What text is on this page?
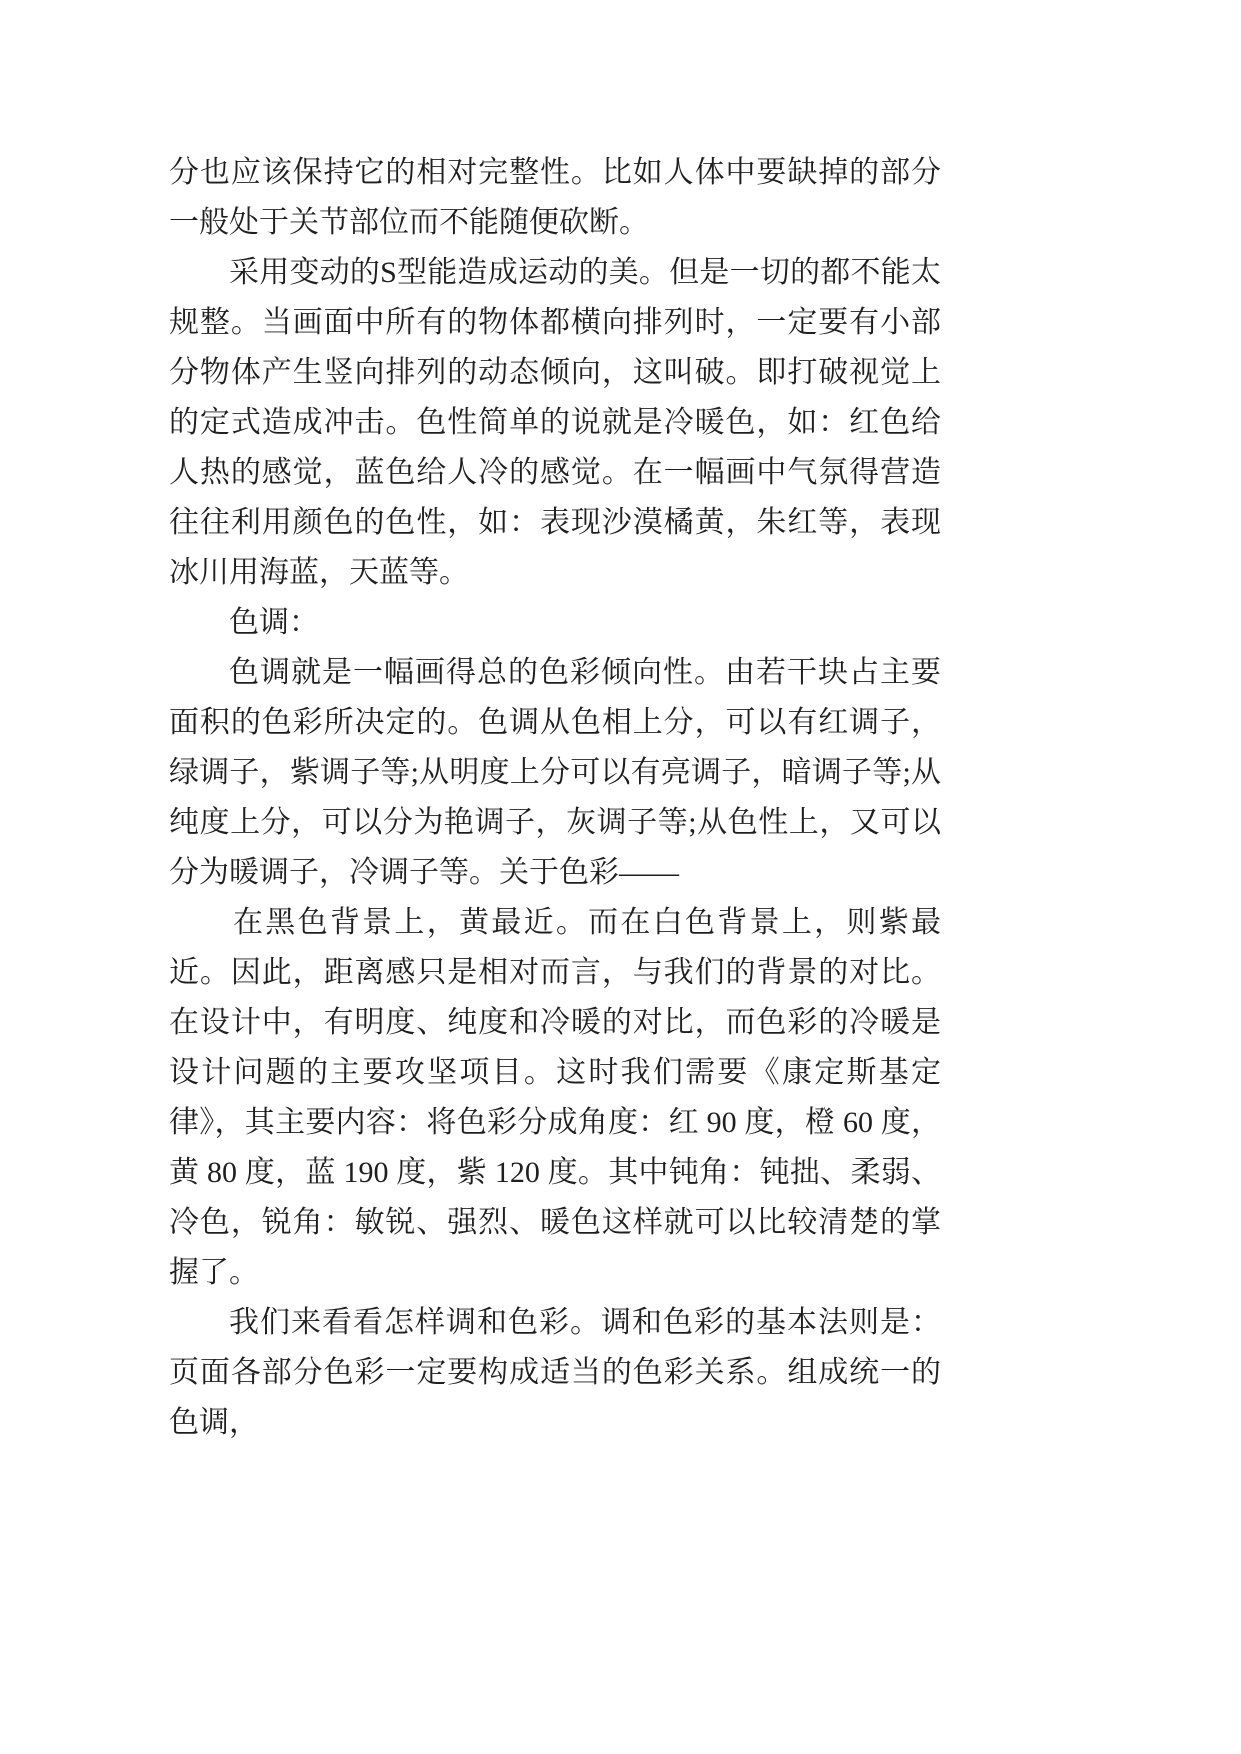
分也应该保持它的相对完整性。比如人体中要缺掉的部分一般处于关节部位而不能随便砍断。

采用变动的S型能造成运动的美。但是一切的都不能太规整。当画面中所有的物体都横向排列时，一定要有小部分物体产生竖向排列的动态倾向，这叫破。即打破视觉上的定式造成冲击。色性简单的说就是冷暖色，如：红色给人热的感觉，蓝色给人冷的感觉。在一幅画中气氛得营造往往利用颜色的色性，如：表现沙漠橘黄，朱红等，表现冰川用海蓝，天蓝等。

色调：

色调就是一幅画得总的色彩倾向性。由若干块占主要面积的色彩所决定的。色调从色相上分，可以有红调子，绿调子，紫调子等;从明度上分可以有亮调子，暗调子等;从纯度上分，可以分为艳调子，灰调子等;从色性上，又可以分为暖调子，冷调子等。关于色彩——

在黑色背景上，黄最近。而在白色背景上，则紫最近。因此，距离感只是相对而言，与我们的背景的对比。在设计中，有明度、纯度和冷暖的对比，而色彩的冷暖是设计问题的主要攻坚项目。这时我们需要《康定斯基定律》，其主要内容：将色彩分成角度：红 90 度，橙 60 度，黄 80 度，蓝 190 度，紫 120 度。其中钝角：钝拙、柔弱、冷色，锐角：敏锐、强烈、暖色这样就可以比较清楚的掌握了。

我们来看看怎样调和色彩。调和色彩的基本法则是：页面各部分色彩一定要构成适当的色彩关系。组成统一的色调，
